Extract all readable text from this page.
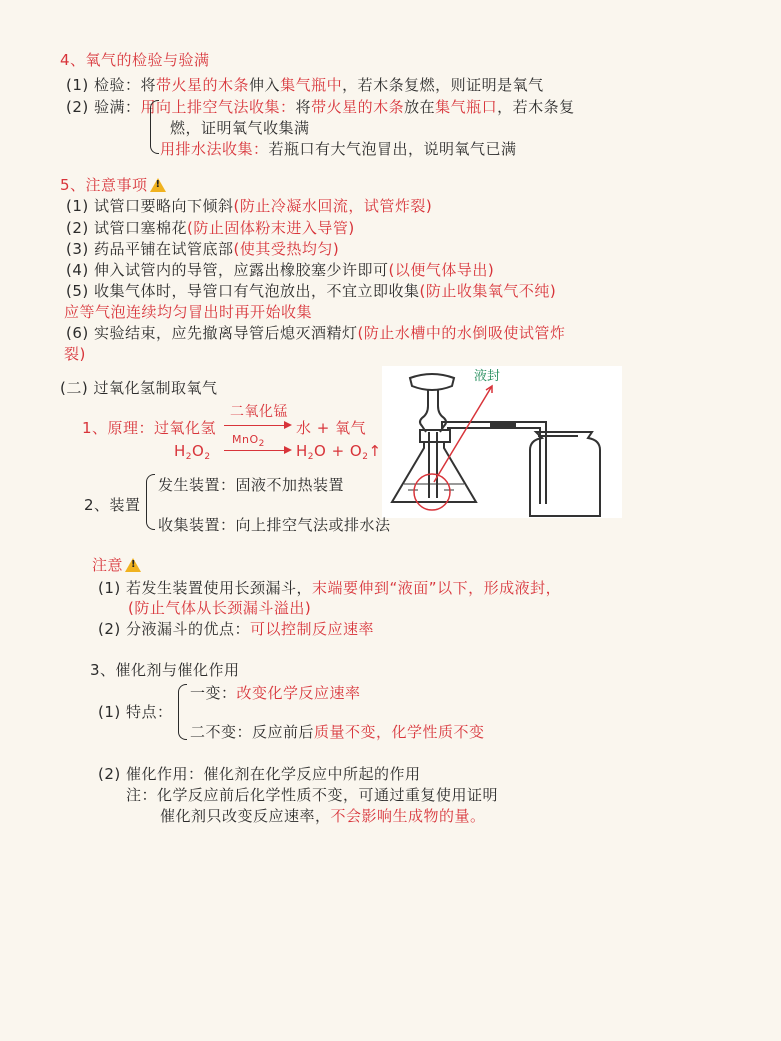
4、氧气的检验与验满
(1) 检验：将带火星的木条伸入集气瓶中，若木条复燃，则证明是氧气
(2) 验满：用向上排空气法收集：将带火星的木条放在集气瓶口，若木条复
燃，证明氧气收集满
用排水法收集：若瓶口有大气泡冒出，说明氧气已满
5、注意事项!
(1) 试管口要略向下倾斜(防止冷凝水回流，试管炸裂)
(2) 试管口塞棉花(防止固体粉末进入导管)
(3) 药品平铺在试管底部(使其受热均匀)
(4) 伸入试管内的导管，应露出橡胶塞少许即可(以便气体导出)
(5) 收集气体时，导管口有气泡放出，不宜立即收集(防止收集氧气不纯)
应等气泡连续均匀冒出时再开始收集
(6) 实验结束，应先撤离导管后熄灭酒精灯(防止水槽中的水倒吸使试管炸
裂)
(二) 过氧化氢制取氧气
液封
1、原理：过氧化氢
二氧化锰
水 + 氧气
$H_2O_2$
MnO$_2$ $H_2O$ + $O_2↑$
2、装置
发生装置：固液不加热装置
收集装置：向上排空气法或排水法
注意!
(1) 若发生装置使用长颈漏斗，末端要伸到“液面”以下，形成液封，
(防止气体从长颈漏斗溢出)
(2) 分液漏斗的优点：可以控制反应速率
3、催化剂与催化作用
(1) 特点：
一变：改变化学反应速率
二不变：反应前后质量不变，化学性质不变
(2) 催化作用：催化剂在化学反应中所起的作用
注：化学反应前后化学性质不变，可通过重复使用证明
催化剂只改变反应速率，不会影响生成物的量。
